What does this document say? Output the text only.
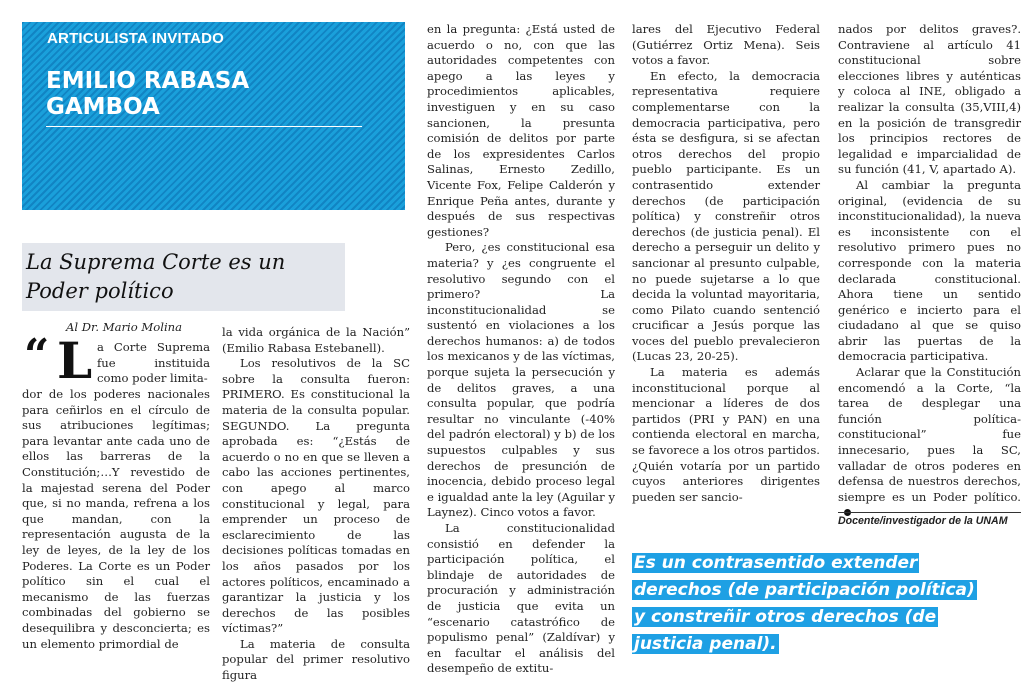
ARTICULISTA INVITADO
EMILIO RABASA
GAMBOA
La Suprema Corte es un
Poder político
Al Dr. Mario Molina
“ L a Corte Suprema fue instituida como poder limita-

dor de los poderes nacionales para ceñirlos en el círculo de sus atribuciones legítimas; para levantar ante cada uno de ellos las barreras de la Constitución;…Y revestido de la majestad serena del Poder que, si no manda, refrena a los que mandan, con la representación augusta de la ley de leyes, de la ley de los Poderes. La Corte es un Poder político sin el cual el mecanismo de las fuerzas combinadas del gobierno se desequilibra y desconcierta; es un elemento primordial de

la vida orgánica de la Nación” (Emilio Rabasa Estebanell).

Los resolutivos de la SC sobre la consulta fueron: PRIMERO. Es constitucional la materia de la consulta popular. SEGUNDO. La pregunta aprobada es: “¿Estás de acuerdo o no en que se lleven a cabo las acciones pertinentes, con apego al marco constitucional y legal, para emprender un proceso de esclarecimiento de las decisiones políticas tomadas en los años pasados por los actores políticos, encaminado a garantizar la justicia y los derechos de las posibles víctimas?”

La materia de consulta popular del primer resolutivo figura

en la pregunta: ¿Está usted de acuerdo o no, con que las autoridades competentes con apego a las leyes y procedimientos aplicables, investiguen y en su caso sancionen, la presunta comisión de delitos por parte de los expresidentes Carlos Salinas, Ernesto Zedillo, Vicente Fox, Felipe Calderón y Enrique Peña antes, durante y después de sus respectivas gestiones?

Pero, ¿es constitucional esa materia? y ¿es congruente el resolutivo segundo con el primero? La inconstitucionalidad se sustentó en violaciones a los derechos humanos: a) de todos los mexicanos y de las víctimas, porque sujeta la persecución y de delitos graves, a una consulta popular, que podría resultar no vinculante (-40% del padrón electoral) y b) de los supuestos culpables y sus derechos de presunción de inocencia, debido proceso legal e igualdad ante la ley (Aguilar y Laynez). Cinco votos a favor.

La constitucionalidad consistió en defender la participación política, el blindaje de autoridades de procuración y administración de justicia que evita un “escenario catastrófico de populismo penal” (Zaldívar) y en facultar el análisis del desempeño de extitu-

lares del Ejecutivo Federal (Gutiérrez Ortiz Mena). Seis votos a favor.

En efecto, la democracia representativa requiere complementarse con la democracia participativa, pero ésta se desfigura, si se afectan otros derechos del propio pueblo participante. Es un contrasentido extender derechos (de participación política) y constreñir otros derechos (de justicia penal). El derecho a perseguir un delito y sancionar al presunto culpable, no puede sujetarse a lo que decida la voluntad mayoritaria, como Pilato cuando sentenció crucificar a Jesús porque las voces del pueblo prevalecieron (Lucas 23, 20-25).

La materia es además inconstitucional porque al mencionar a líderes de dos partidos (PRI y PAN) en una contienda electoral en marcha, se favorece a los otros partidos. ¿Quién votaría por un partido cuyos anteriores dirigentes pueden ser sancio-

nados por delitos graves?. Contraviene al artículo 41 constitucional sobre elecciones libres y auténticas y coloca al INE, obligado a realizar la consulta (35,VIII,4) en la posición de transgredir los principios rectores de legalidad e imparcialidad de su función (41, V, apartado A).

Al cambiar la pregunta original, (evidencia de su inconstitucionalidad), la nueva es inconsistente con el resolutivo primero pues no corresponde con la materia declarada constitucional. Ahora tiene un sentido genérico e incierto para el ciudadano al que se quiso abrir las puertas de la democracia participativa.

Aclarar que la Constitución encomendó a la Corte, “la tarea de desplegar una función política-constitucional” fue innecesario, pues la SC, valladar de otros poderes en defensa de nuestros derechos, siempre es un Poder político.

Docente/investigador de la UNAM
Es un contrasentido extender derechos (de participación política) y constreñir otros derechos (de justicia penal).
